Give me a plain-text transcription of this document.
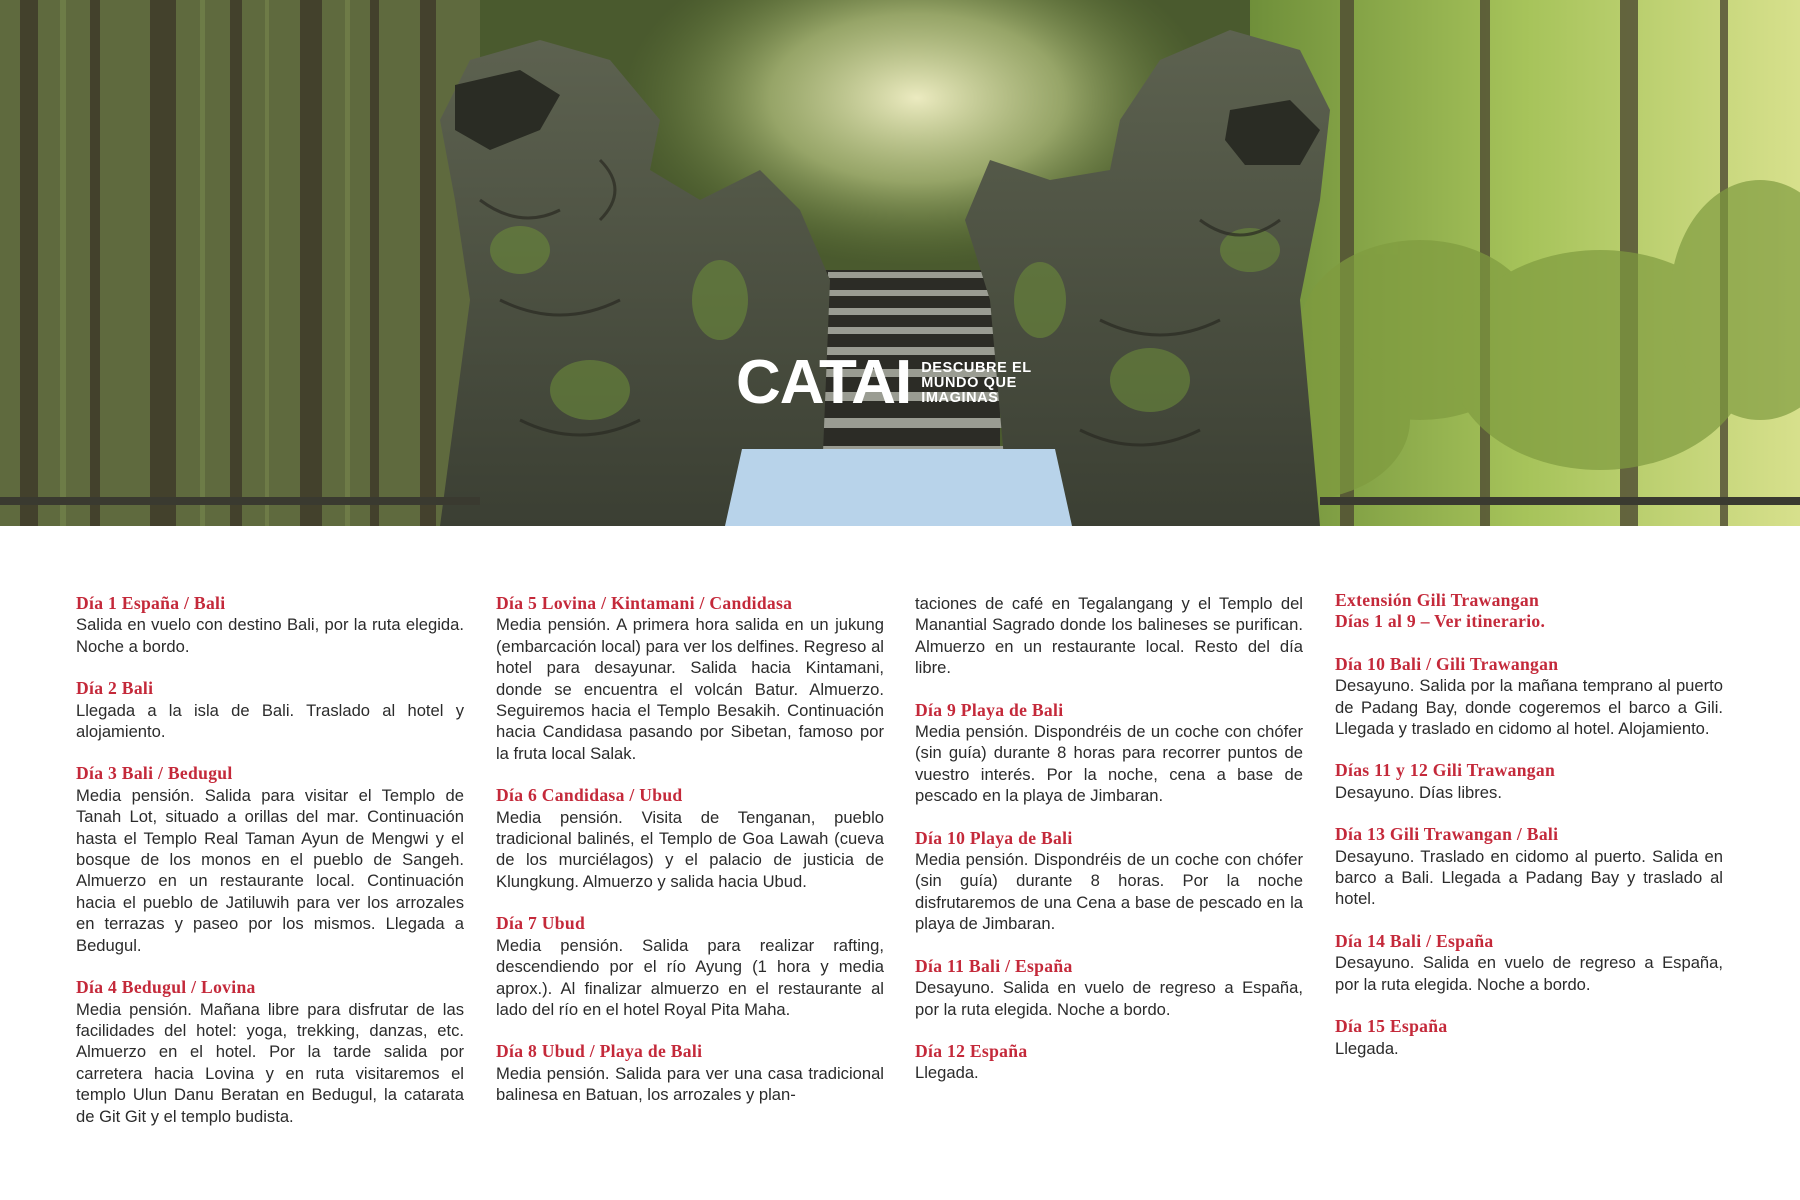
CATAI DESCUBRE EL
MUNDO QUE
IMAGINAS
Día 1 España / Bali
Salida en vuelo con destino Bali, por la ruta elegida. Noche a bordo.
Día 2 Bali
Llegada a la isla de Bali. Traslado al hotel y alojamiento.
Día 3 Bali / Bedugul
Media pensión. Salida para visitar el Templo de Tanah Lot, situado a orillas del mar. Continuación hasta el Templo Real Taman Ayun de Mengwi y el bosque de los monos en el pueblo de Sangeh. Almuerzo en un restaurante local. Continuación hacia el pueblo de Jatiluwih para ver los arrozales en terrazas y paseo por los mismos. Llegada a Bedugul.
Día 4 Bedugul / Lovina
Media pensión. Mañana libre para disfrutar de las facilidades del hotel: yoga, trekking, danzas, etc. Almuerzo en el hotel. Por la tarde salida por carretera hacia Lovina y en ruta visitaremos el templo Ulun Danu Beratan en Bedugul, la catarata de Git Git y el templo budista.
Día 5 Lovina / Kintamani / Candidasa
Media pensión. A primera hora salida en un jukung (embarcación local) para ver los delfines. Regreso al hotel para desayunar. Salida hacia Kintamani, donde se encuentra el volcán Batur. Almuerzo. Seguiremos hacia el Templo Besakih. Continuación hacia Candidasa pasando por Sibetan, famoso por la fruta local Salak.
Día 6 Candidasa / Ubud
Media pensión. Visita de Tenganan, pueblo tradicional balinés, el Templo de Goa Lawah (cueva de los murciélagos) y el palacio de justicia de Klungkung. Almuerzo y salida hacia Ubud.
Día 7 Ubud
Media pensión. Salida para realizar rafting, descendiendo por el río Ayung (1 hora y media aprox.). Al finalizar almuerzo en el restaurante al lado del río en el hotel Royal Pita Maha.
Día 8 Ubud / Playa de Bali
Media pensión. Salida para ver una casa tradicional balinesa en Batuan, los arrozales y plan-
taciones de café en Tegalangang y el Templo del Manantial Sagrado donde los balineses se purifican. Almuerzo en un restaurante local. Resto del día libre.
Día 9 Playa de Bali
Media pensión. Dispondréis de un coche con chófer (sin guía) durante 8 horas para recorrer puntos de vuestro interés. Por la noche, cena a base de pescado en la playa de Jimbaran.
Día 10 Playa de Bali
Media pensión. Dispondréis de un coche con chófer (sin guía) durante 8 horas. Por la noche disfrutaremos de una Cena a base de pescado en la playa de Jimbaran.
Día 11 Bali / España
Desayuno. Salida en vuelo de regreso a España, por la ruta elegida. Noche a bordo.
Día 12 España
Llegada.
Extensión Gili Trawangan
Días 1 al 9 – Ver itinerario.
Día 10 Bali / Gili Trawangan
Desayuno. Salida por la mañana temprano al puerto de Padang Bay, donde cogeremos el barco a Gili. Llegada y traslado en cidomo al hotel. Alojamiento.
Días 11 y 12 Gili Trawangan
Desayuno. Días libres.
Día 13 Gili Trawangan / Bali
Desayuno. Traslado en cidomo al puerto. Salida en barco a Bali. Llegada a Padang Bay y traslado al hotel.
Día 14 Bali / España
Desayuno. Salida en vuelo de regreso a España, por la ruta elegida. Noche a bordo.
Día 15 España
Llegada.
